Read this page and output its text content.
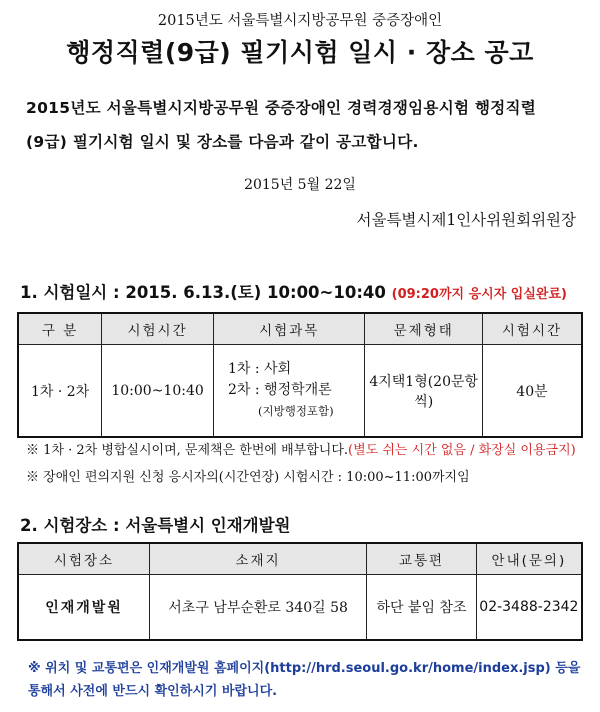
2015년도 서울특별시지방공무원 중증장애인
행정직렬(9급) 필기시험 일시 · 장소 공고
2015년도 서울특별시지방공무원 중증장애인 경력경쟁임용시험 행정직렬
(9급) 필기시험 일시 및 장소를 다음과 같이 공고합니다.
2015년 5월 22일
서울특별시제1인사위원회위원장
1. 시험일시 : 2015. 6.13.(토) 10:00~10:40 (09:20까지 응시자 입실완료)
구 분	시험시간	시험과목	문제형태	시험시간
1차 · 2차	10:00~10:40	1차 : 사회
2차 : 행정학개론
(지방행정포함)	4지택1형(20문항씩)	40분
※ 1차 · 2차 병합실시이며, 문제책은 한번에 배부합니다.(별도 쉬는 시간 없음 / 화장실 이용금지)
※ 장애인 편의지원 신청 응시자의(시간연장) 시험시간 : 10:00~11:00까지임
2. 시험장소 : 서울특별시 인재개발원
시험장소	소재지	교통편	안내(문의)
인재개발원	서초구 남부순환로 340길 58	하단 붙임 참조	02-3488-2342
※ 위치 및 교통편은 인재개발원 홈페이지(http://hrd.seoul.go.kr/home/index.jsp) 등을
통해서 사전에 반드시 확인하시기 바랍니다.
